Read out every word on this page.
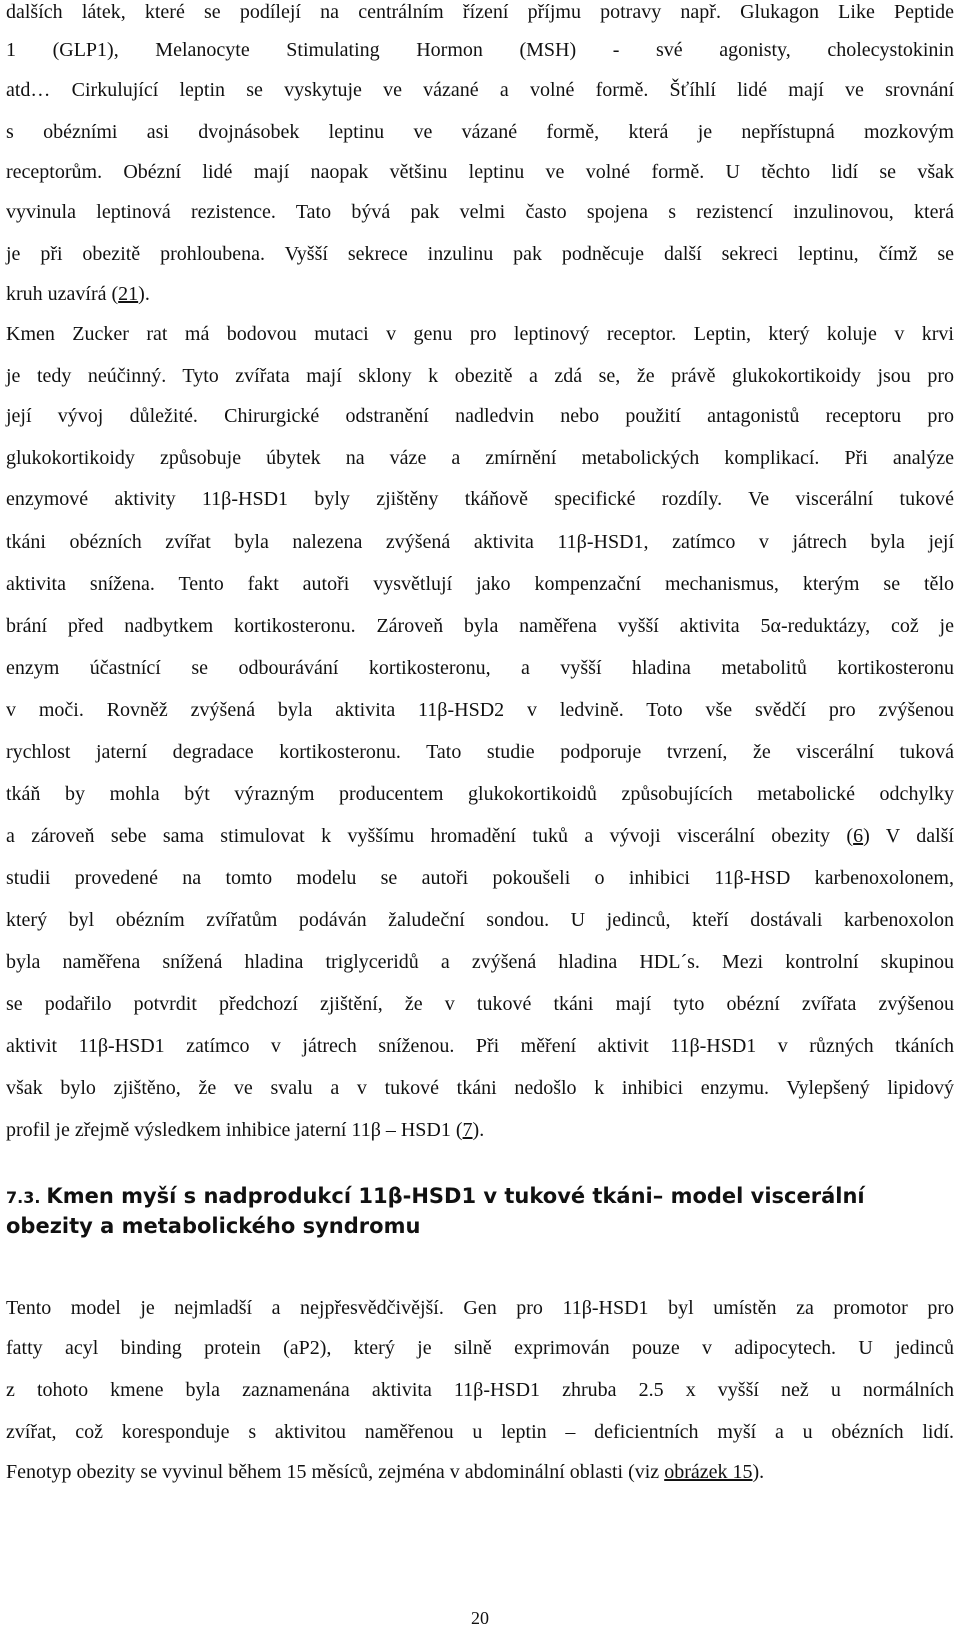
dalších látek, které se podílejí na centrálním řízení příjmu potravy např. Glukagon Like Peptide
1 (GLP1), Melanocyte Stimulating Hormon (MSH) - své agonisty, cholecystokinin
atd… Cirkulující leptin se vyskytuje ve vázané a volné formě. Šťíhlí lidé mají ve srovnání
s obézními asi dvojnásobek leptinu ve vázané formě, která je nepřístupná mozkovým
receptorům. Obézní lidé mají naopak většinu leptinu ve volné formě. U těchto lidí se však
vyvinula leptinová rezistence. Tato bývá pak velmi často spojena s rezistencí inzulinovou, která
je při obezitě prohloubena. Vyšší sekrece inzulinu pak podněcuje další sekreci leptinu, čímž se
kruh uzavírá (21).
Kmen Zucker rat má bodovou mutaci v genu pro leptinový receptor. Leptin, který koluje v krvi
je tedy neúčinný. Tyto zvířata mají sklony k obezitě a zdá se, že právě glukokortikoidy jsou pro
její vývoj důležité. Chirurgické odstranění nadledvin nebo použití antagonistů receptoru pro
glukokortikoidy způsobuje úbytek na váze a zmírnění metabolických komplikací. Při analýze
enzymové aktivity 11β-HSD1 byly zjištěny tkáňově specifické rozdíly. Ve viscerální tukové
tkáni obézních zvířat byla nalezena zvýšená aktivita 11β-HSD1, zatímco v játrech byla její
aktivita snížena. Tento fakt autoři vysvětlují jako kompenzační mechanismus, kterým se tělo
brání před nadbytkem kortikosteronu. Zároveň byla naměřena vyšší aktivita 5α-reduktázy, což je
enzym účastnící se odbourávání kortikosteronu, a vyšší hladina metabolitů kortikosteronu
v moči. Rovněž zvýšená byla aktivita 11β-HSD2 v ledvině. Toto vše svědčí pro zvýšenou
rychlost jaterní degradace kortikosteronu. Tato studie podporuje tvrzení, že viscerální tuková
tkáň by mohla být výrazným producentem glukokortikoidů způsobujících metabolické odchylky
a zároveň sebe sama stimulovat k vyššímu hromadění tuků a vývoji viscerální obezity (6) V další
studii provedené na tomto modelu se autoři pokoušeli o inhibici 11β-HSD karbenoxolonem,
který byl obézním zvířatům podáván žaludeční sondou. U jedinců, kteří dostávali karbenoxolon
byla naměřena snížená hladina triglyceridů a zvýšená hladina HDL´s. Mezi kontrolní skupinou
se podařilo potvrdit předchozí zjištění, že v tukové tkáni mají tyto obézní zvířata zvýšenou
aktivit 11β-HSD1 zatímco v játrech sníženou. Při měření aktivit 11β-HSD1 v různých tkáních
však bylo zjištěno, že ve svalu a v tukové tkáni nedošlo k inhibici enzymu. Vylepšený lipidový
profil je zřejmě výsledkem inhibice jaterní 11β – HSD1 (7).
7.3. Kmen myší s nadprodukcí 11β-HSD1 v tukové tkáni– model viscerální
obezity a metabolického syndromu
Tento model je nejmladší a nejpřesvědčivější. Gen pro 11β-HSD1 byl umístěn za promotor pro
fatty acyl binding protein (aP2), který je silně exprimován pouze v adipocytech. U jedinců
z tohoto kmene byla zaznamenána aktivita 11β-HSD1 zhruba 2.5 x vyšší než u normálních
zvířat, což koresponduje s aktivitou naměřenou u leptin – deficientních myší a u obézních lidí.
Fenotyp obezity se vyvinul během 15 měsíců, zejména v abdominální oblasti (viz obrázek 15).
20
